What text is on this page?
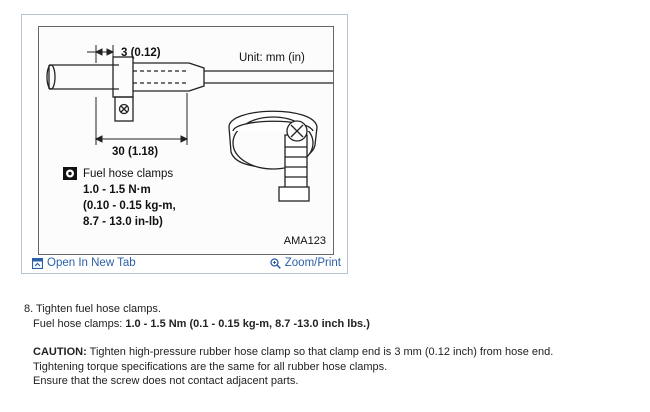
3 (0.12)
30 (1.18)
Unit: mm (in)
Fuel hose clamps
1.0 - 1.5 N·m
(0.10 - 0.15 kg-m,
8.7 - 13.0 in-lb)
AMA123
Open In New Tab	Zoom/Print

8. Tighten fuel hose clamps.

Fuel hose clamps: 1.0 - 1.5 Nm (0.1 - 0.15 kg-m, 8.7 -13.0 inch lbs.)

CAUTION: Tighten high-pressure rubber hose clamp so that clamp end is 3 mm (0.12 inch) from hose end.

Tightening torque specifications are the same for all rubber hose clamps.

Ensure that the screw does not contact adjacent parts.
